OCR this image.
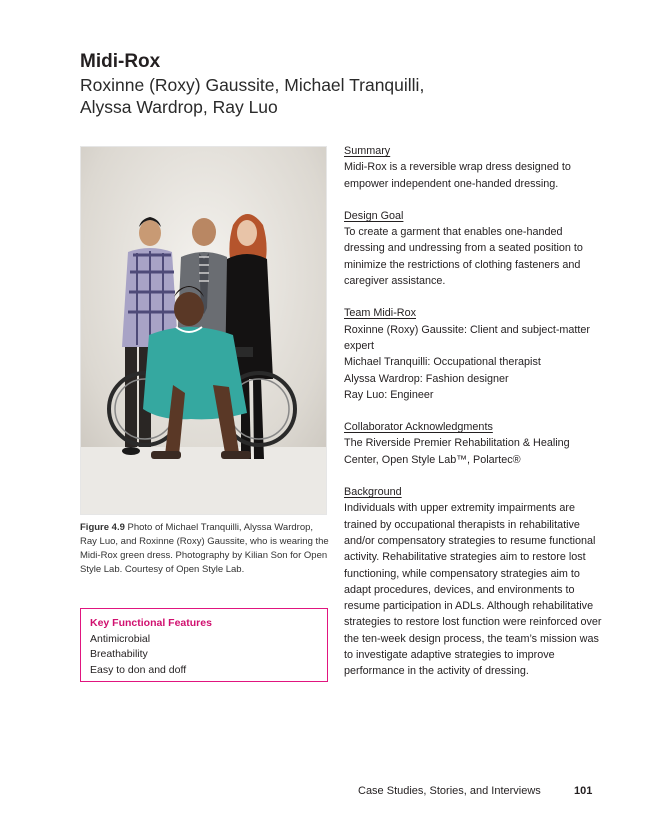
Midi-Rox
Roxinne (Roxy) Gaussite, Michael Tranquilli,
Alyssa Wardrop, Ray Luo

Figure 4.9 Photo of Michael Tranquilli, Alyssa Wardrop, Ray Luo, and Roxinne (Roxy) Gaussite, who is wearing the Midi-Rox green dress. Photography by Kilian Son for Open Style Lab. Courtesy of Open Style Lab.

Key Functional Features
Antimicrobial
Breathability
Easy to don and doff
Summary
Midi-Rox is a reversible wrap dress designed to empower independent one-handed dressing.
Design Goal
To create a garment that enables one-handed dressing and undressing from a seated position to minimize the restrictions of clothing fasteners and caregiver assistance.
Team Midi-Rox
Roxinne (Roxy) Gaussite: Client and subject-matter expert
Michael Tranquilli: Occupational therapist
Alyssa Wardrop: Fashion designer
Ray Luo: Engineer
Collaborator Acknowledgments
The Riverside Premier Rehabilitation & Healing Center, Open Style Lab™, Polartec®
Background
Individuals with upper extremity impairments are trained by occupational therapists in rehabilitative and/or compensatory strategies to resume functional activity. Rehabilitative strategies aim to restore lost functioning, while compensatory strategies aim to adapt procedures, devices, and environments to resume participation in ADLs. Although rehabilitative strategies to restore lost function were reinforced over the ten-week design process, the team’s mission was to investigate adaptive strategies to improve performance in the activity of dressing.
Case Studies, Stories, and Interviews	101
